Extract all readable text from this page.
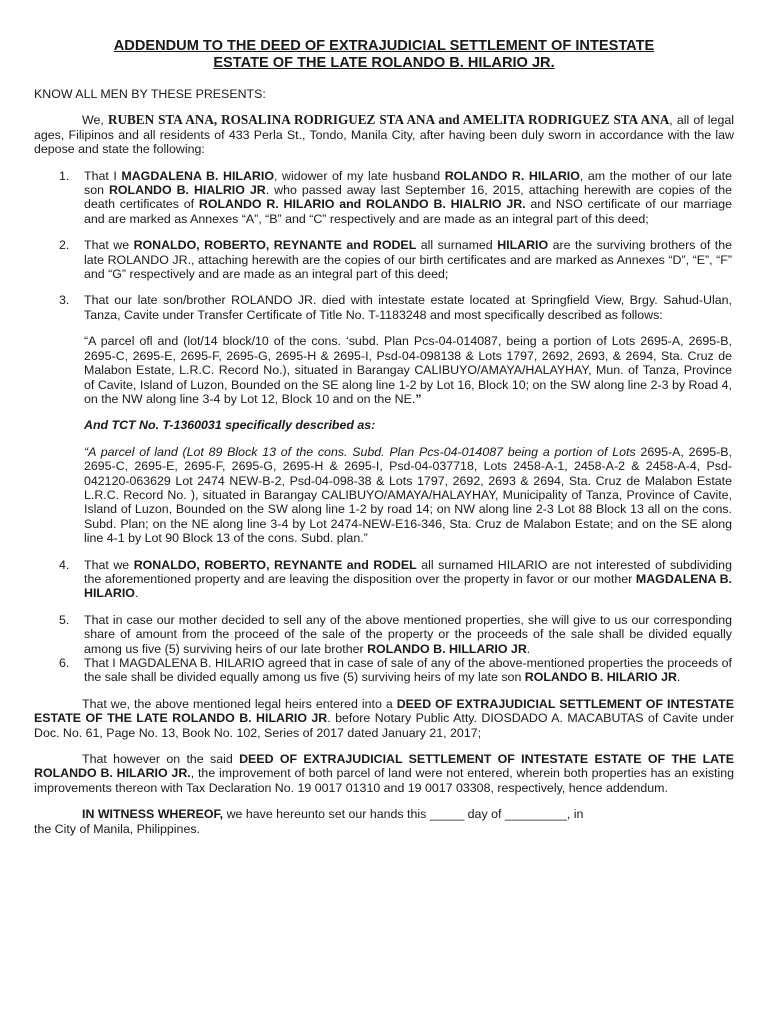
ADDENDUM TO THE DEED OF EXTRAJUDICIAL SETTLEMENT OF INTESTATE
ESTATE OF THE LATE ROLANDO B. HILARIO JR.
KNOW ALL MEN BY THESE PRESENTS:
We, RUBEN STA ANA, ROSALINA RODRIGUEZ STA ANA and AMELITA RODRIGUEZ STA ANA, all of legal ages, Filipinos and all residents of 433 Perla St., Tondo, Manila City, after having been duly sworn in accordance with the law depose and state the following:
1. That I MAGDALENA B. HILARIO, widower of my late husband ROLANDO R. HILARIO, am the mother of our late son ROLANDO B. HIALRIO JR. who passed away last September 16, 2015, attaching herewith are copies of the death certificates of ROLANDO R. HILARIO and ROLANDO B. HIALRIO JR. and NSO certificate of our marriage and are marked as Annexes “A”, “B” and “C” respectively and are made as an integral part of this deed;
2. That we RONALDO, ROBERTO, REYNANTE and RODEL all surnamed HILARIO are the surviving brothers of the late ROLANDO JR., attaching herewith are the copies of our birth certificates and are marked as Annexes “D”, “E”, “F” and “G” respectively and are made as an integral part of this deed;
3. That our late son/brother ROLANDO JR. died with intestate estate located at Springfield View, Brgy. Sahud-Ulan, Tanza, Cavite under Transfer Certificate of Title No. T-1183248 and most specifically described as follows:
“A parcel ofl and (lot/14 block/10 of the cons. ‘subd. Plan Pcs-04-014087, being a portion of Lots 2695-A, 2695-B, 2695-C, 2695-E, 2695-F, 2695-G, 2695-H & 2695-I, Psd-04-098138 & Lots 1797, 2692, 2693, & 2694, Sta. Cruz de Malabon Estate, L.R.C. Record No.), situated in Barangay CALIBUYO/AMAYA/HALAYHAY, Mun. of Tanza, Province of Cavite, Island of Luzon, Bounded on the SE along line 1-2 by Lot 16, Block 10; on the SW along line 2-3 by Road 4, on the NW along line 3-4 by Lot 12, Block 10 and on the NE.”
And TCT No. T-1360031 specifically described as:
“A parcel of land (Lot 89 Block 13 of the cons. Subd. Plan Pcs-04-014087 being a portion of Lots 2695-A, 2695-B, 2695-C, 2695-E, 2695-F, 2695-G, 2695-H & 2695-I, Psd-04-037718, Lots 2458-A-1, 2458-A-2 & 2458-A-4, Psd-042120-063629 Lot 2474 NEW-B-2, Psd-04-098-38 & Lots 1797, 2692, 2693 & 2694, Sta. Cruz de Malabon Estate L.R.C. Record No. ), situated in Barangay CALIBUYO/AMAYA/HALAYHAY, Municipality of Tanza, Province of Cavite, Island of Luzon, Bounded on the SW along line 1-2 by road 14; on NW along line 2-3 Lot 88 Block 13 all on the cons. Subd. Plan; on the NE along line 3-4 by Lot 2474-NEW-E16-346, Sta. Cruz de Malabon Estate; and on the SE along line 4-1 by Lot 90 Block 13 of the cons. Subd. plan.”
4. That we RONALDO, ROBERTO, REYNANTE and RODEL all surnamed HILARIO are not interested of subdividing the aforementioned property and are leaving the disposition over the property in favor or our mother MAGDALENA B. HILARIO.
5. That in case our mother decided to sell any of the above mentioned properties, she will give to us our corresponding share of amount from the proceed of the sale of the property or the proceeds of the sale shall be divided equally among us five (5) surviving heirs of our late brother ROLANDO B. HILLARIO JR.
6. That I MAGDALENA B. HILARIO agreed that in case of sale of any of the above-mentioned properties the proceeds of the sale shall be divided equally among us five (5) surviving heirs of my late son ROLANDO B. HILARIO JR.
That we, the above mentioned legal heirs entered into a DEED OF EXTRAJUDICIAL SETTLEMENT OF INTESTATE ESTATE OF THE LATE ROLANDO B. HILARIO JR. before Notary Public Atty. DIOSDADO A. MACABUTAS of Cavite under Doc. No. 61, Page No. 13, Book No. 102, Series of 2017 dated January 21, 2017;
That however on the said DEED OF EXTRAJUDICIAL SETTLEMENT OF INTESTATE ESTATE OF THE LATE ROLANDO B. HILARIO JR., the improvement of both parcel of land were not entered, wherein both properties has an existing improvements thereon with Tax Declaration No. 19 0017 01310 and 19 0017 03308, respectively, hence addendum.
IN WITNESS WHEREOF, we have hereunto set our hands this _____ day of _________, in
the City of Manila, Philippines.
